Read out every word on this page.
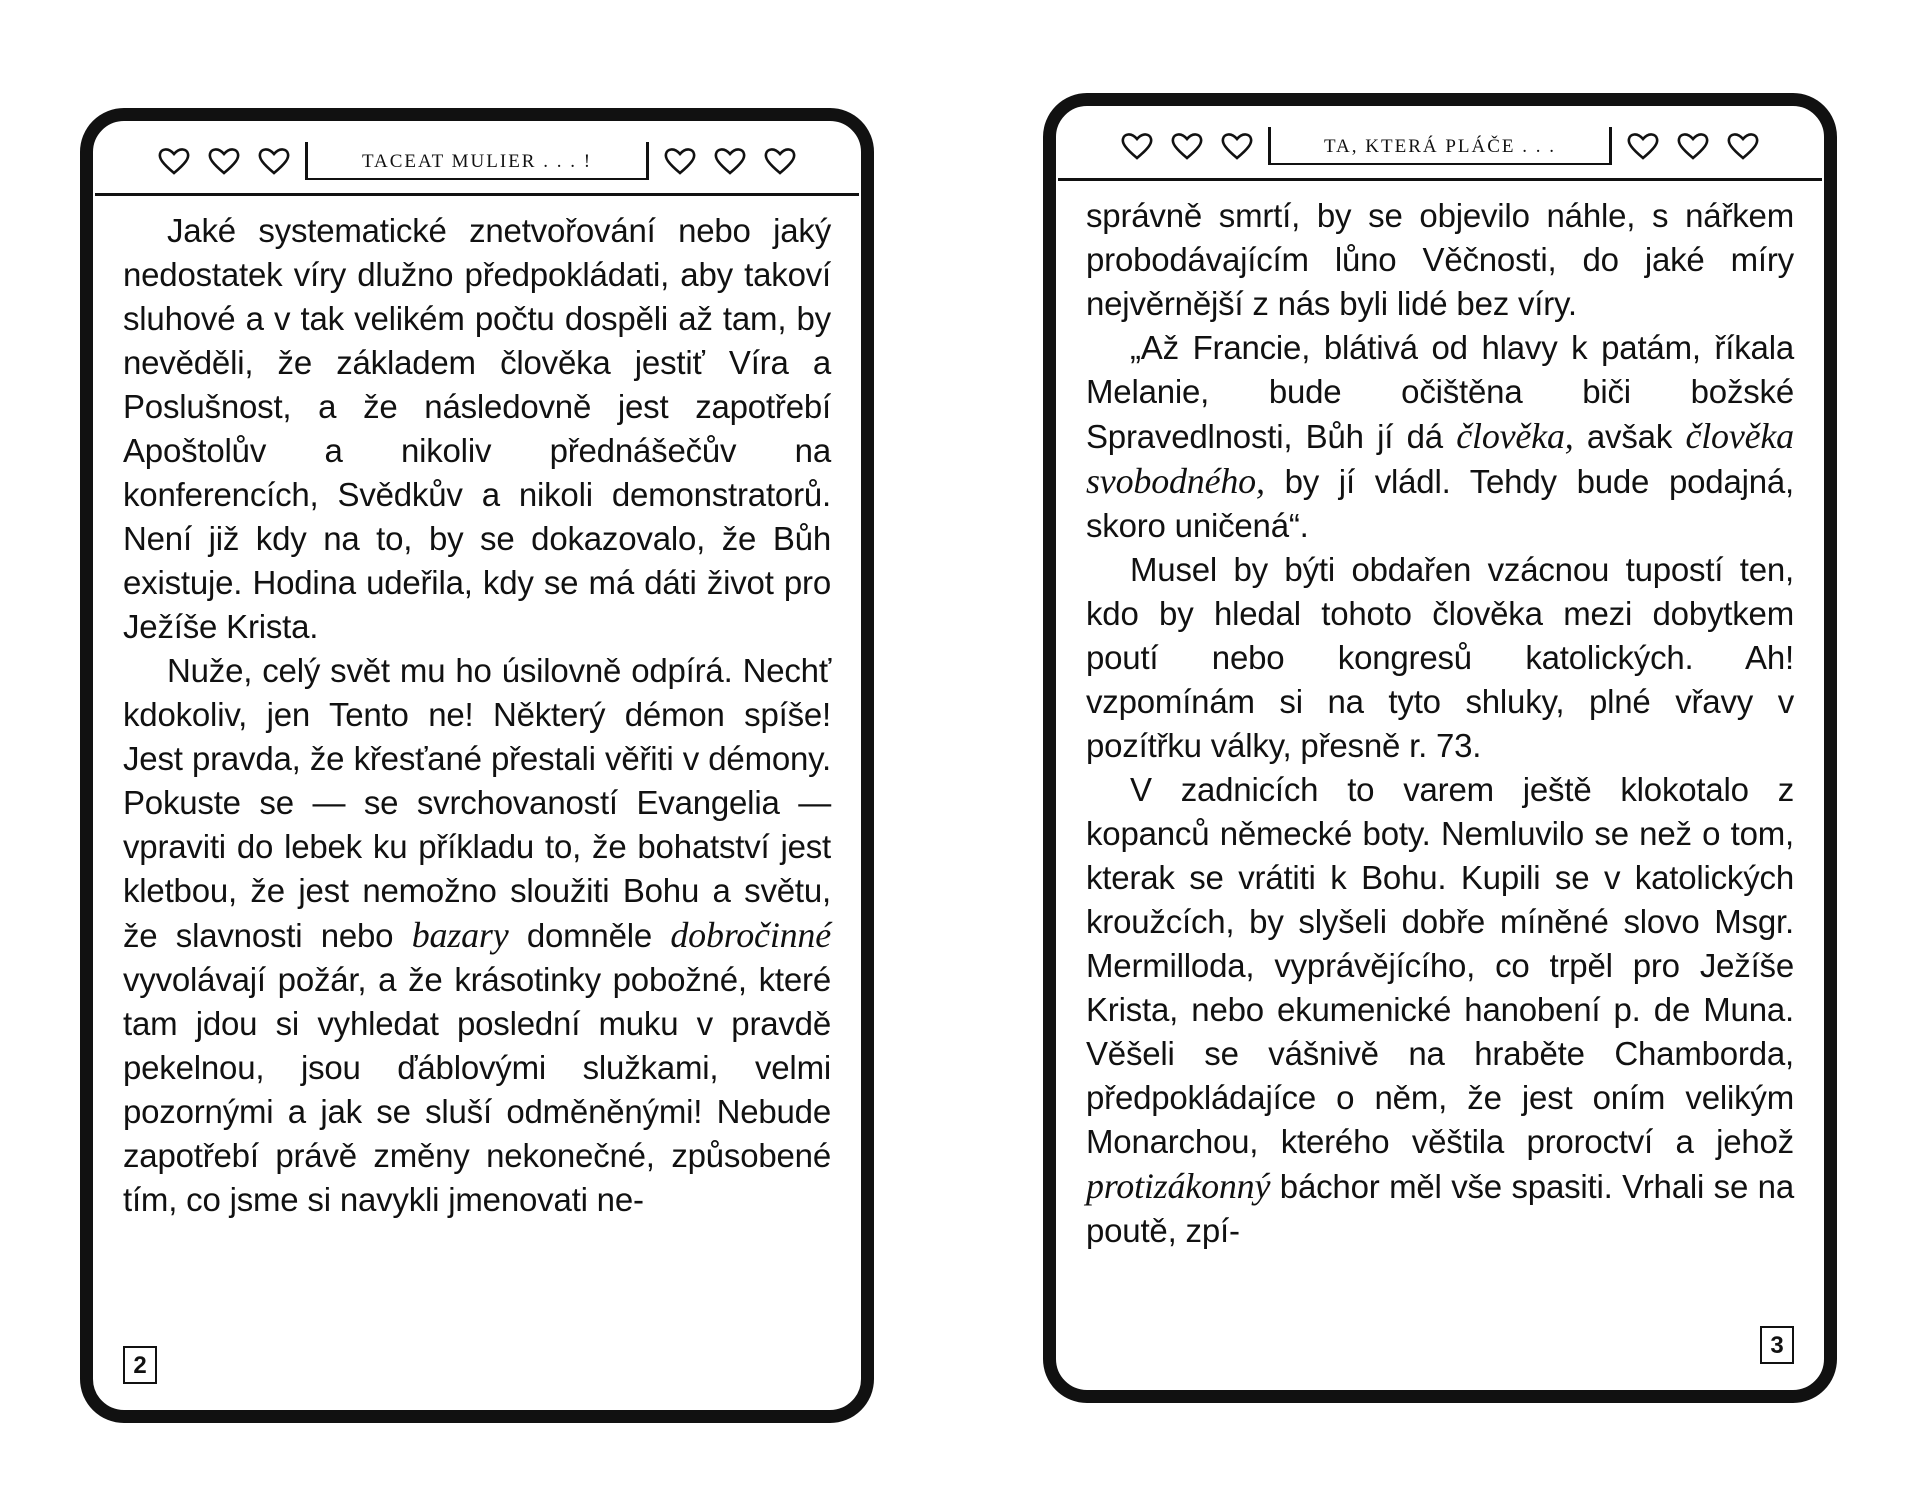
TACEAT MULIER . . . !

Jaké systematické znetvořování nebo jaký nedostatek víry dlužno předpokládati, aby takoví sluhové a v tak velikém počtu dospěli až tam, by nevěděli, že základem člověka jestiť Víra a Poslušnost, a že následovně jest zapotřebí Apoštolův a nikoliv přednášečův na konferencích, Svědkův a nikoli demonstratorů. Není již kdy na to, by se dokazovalo, že Bůh existuje. Hodina udeřila, kdy se má dáti život pro Ježíše Krista.

Nuže, celý svět mu ho úsilovně odpírá. Nechť kdokoliv, jen Tento ne! Některý démon spíše! Jest pravda, že křesťané přestali věřiti v démony. Pokuste se — se svrchovaností Evangelia — vpraviti do lebek ku příkladu to, že bohatství jest kletbou, že jest nemožno sloužiti Bohu a světu, že slavnosti nebo bazary domněle dobročinné vyvolávají požár, a že krásotinky pobožné, které tam jdou si vyhledat poslední muku v pravdě pekelnou, jsou ďáblovými služkami, velmi pozornými a jak se sluší odměněnými! Nebude zapotřebí právě změny nekonečné, způsobené tím, co jsme si navykli jmenovati ne-

2
TA, KTERÁ PLÁČE . . .

správně smrtí, by se objevilo náhle, s nářkem probodávajícím lůno Věčnosti, do jaké míry nejvěrnější z nás byli lidé bez víry.

„Až Francie, blátivá od hlavy k patám, říkala Melanie, bude očištěna biči božské Spravedlnosti, Bůh jí dá člověka, avšak člověka svobodného, by jí vládl. Tehdy bude podajná, skoro uničená“.

Musel by býti obdařen vzácnou tupostí ten, kdo by hledal tohoto člověka mezi dobytkem poutí nebo kongresů katolických. Ah! vzpomínám si na tyto shluky, plné vřavy v pozítřku války, přesně r. 73.

V zadnicích to varem ještě klokotalo z kopanců německé boty. Nemluvilo se než o tom, kterak se vrátiti k Bohu. Kupili se v katolických kroužcích, by slyšeli dobře míněné slovo Msgr. Mermilloda, vyprávějícího, co trpěl pro Ježíše Krista, nebo ekumenické hanobení p. de Muna. Věšeli se vášnivě na hraběte Chamborda, předpokládajíce o něm, že jest oním velikým Monarchou, kterého věštila proroctví a jehož protizákonný báchor měl vše spasiti. Vrhali se na poutě, zpí-

3
